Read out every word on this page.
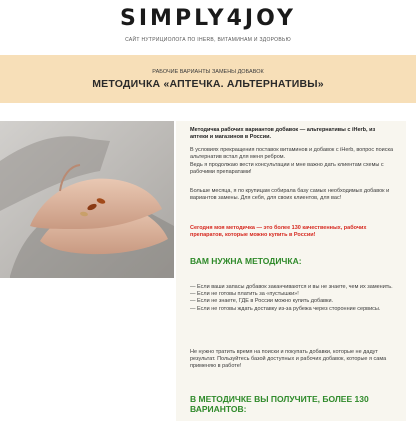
SIMPLY4JOY
САЙТ НУТРИЦИОЛОГА ПО IHERB, ВИТАМИНАМ И ЗДОРОВЬЮ
РАБОЧИЕ ВАРИАНТЫ ЗАМЕНЫ ДОБАВОК
МЕТОДИЧКА «АПТЕЧКА. АЛЬТЕРНАТИВЫ»

Методичка рабочих вариантов добавок — альтернативы с iHerb, из аптеки и магазинов в России.

В условиях прекращения поставок витаминов и добавок с iHerb, вопрос поиска альтернатив встал для меня ребром.

Ведь я продолжаю вести консультации и мне важно дать клиентам схемы с рабочими препаратами!

Больше месяца, я по крупицам собирала базу самых необходимых добавок и вариантов замены. Для себя, для своих клиентов, для вас!

Сегодня моя методичка — это более 130 качественных, рабочих препаратов, которые можно купить в России!

ВАМ НУЖНА МЕТОДИЧКА:
— Если ваши запасы добавок заканчиваются и вы не знаете, чем их заменить.
— Если не готовы платить за «пустышки»!
— Если не знаете, ГДЕ в России можно купить добавки.
— Если не готовы ждать доставку из-за рубежа через сторонние сервисы.

Не нужно тратить время на поиски и покупать добавки, которые не дадут результат. Пользуйтесь базой доступных и рабочих добавок, которые я сама применяю в работе!

В МЕТОДИЧКЕ ВЫ ПОЛУЧИТЕ, БОЛЕЕ 130 ВАРИАНТОВ:
